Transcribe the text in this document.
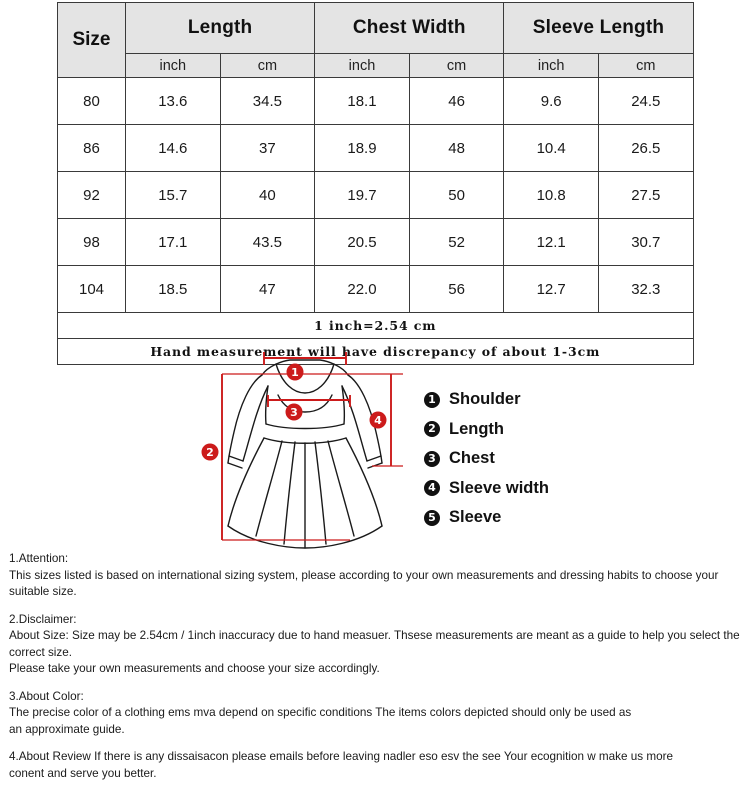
Size	Length		Chest Width		Sleeve Length	
	inch	cm	inch	cm	inch	cm
80	13.6	34.5	18.1	46	9.6	24.5
86	14.6	37	18.9	48	10.4	26.5
92	15.7	40	19.7	50	10.8	27.5
98	17.1	43.5	20.5	52	12.1	30.7
104	18.5	47	22.0	56	12.7	32.3
1 inch=2.54 cm						
Hand measurement will have discrepancy of about 1-3cm						
1
2
3
4
1 Shoulder
2 Length
3 Chest
4 Sleeve width
5 Sleeve

1.Attention:

This sizes listed is based on international sizing system, please according to your own measurements and dressing habits to choose your suitable size.

2.Disclaimer:

About Size: Size may be 2.54cm / 1inch inaccuracy due to hand measuer. Thsese measurements are meant as a guide to help you select the correct size.

Please take your own measurements and choose your size accordingly.

3.About Color:

The precise color of a clothing ems mva depend on specific conditions The items colors depicted should only be used as

an approximate guide.

4.About Review If there is any dissaisacon please emails before leaving nadler eso esv the see Your ecognition w make us more

conent and serve you better.
